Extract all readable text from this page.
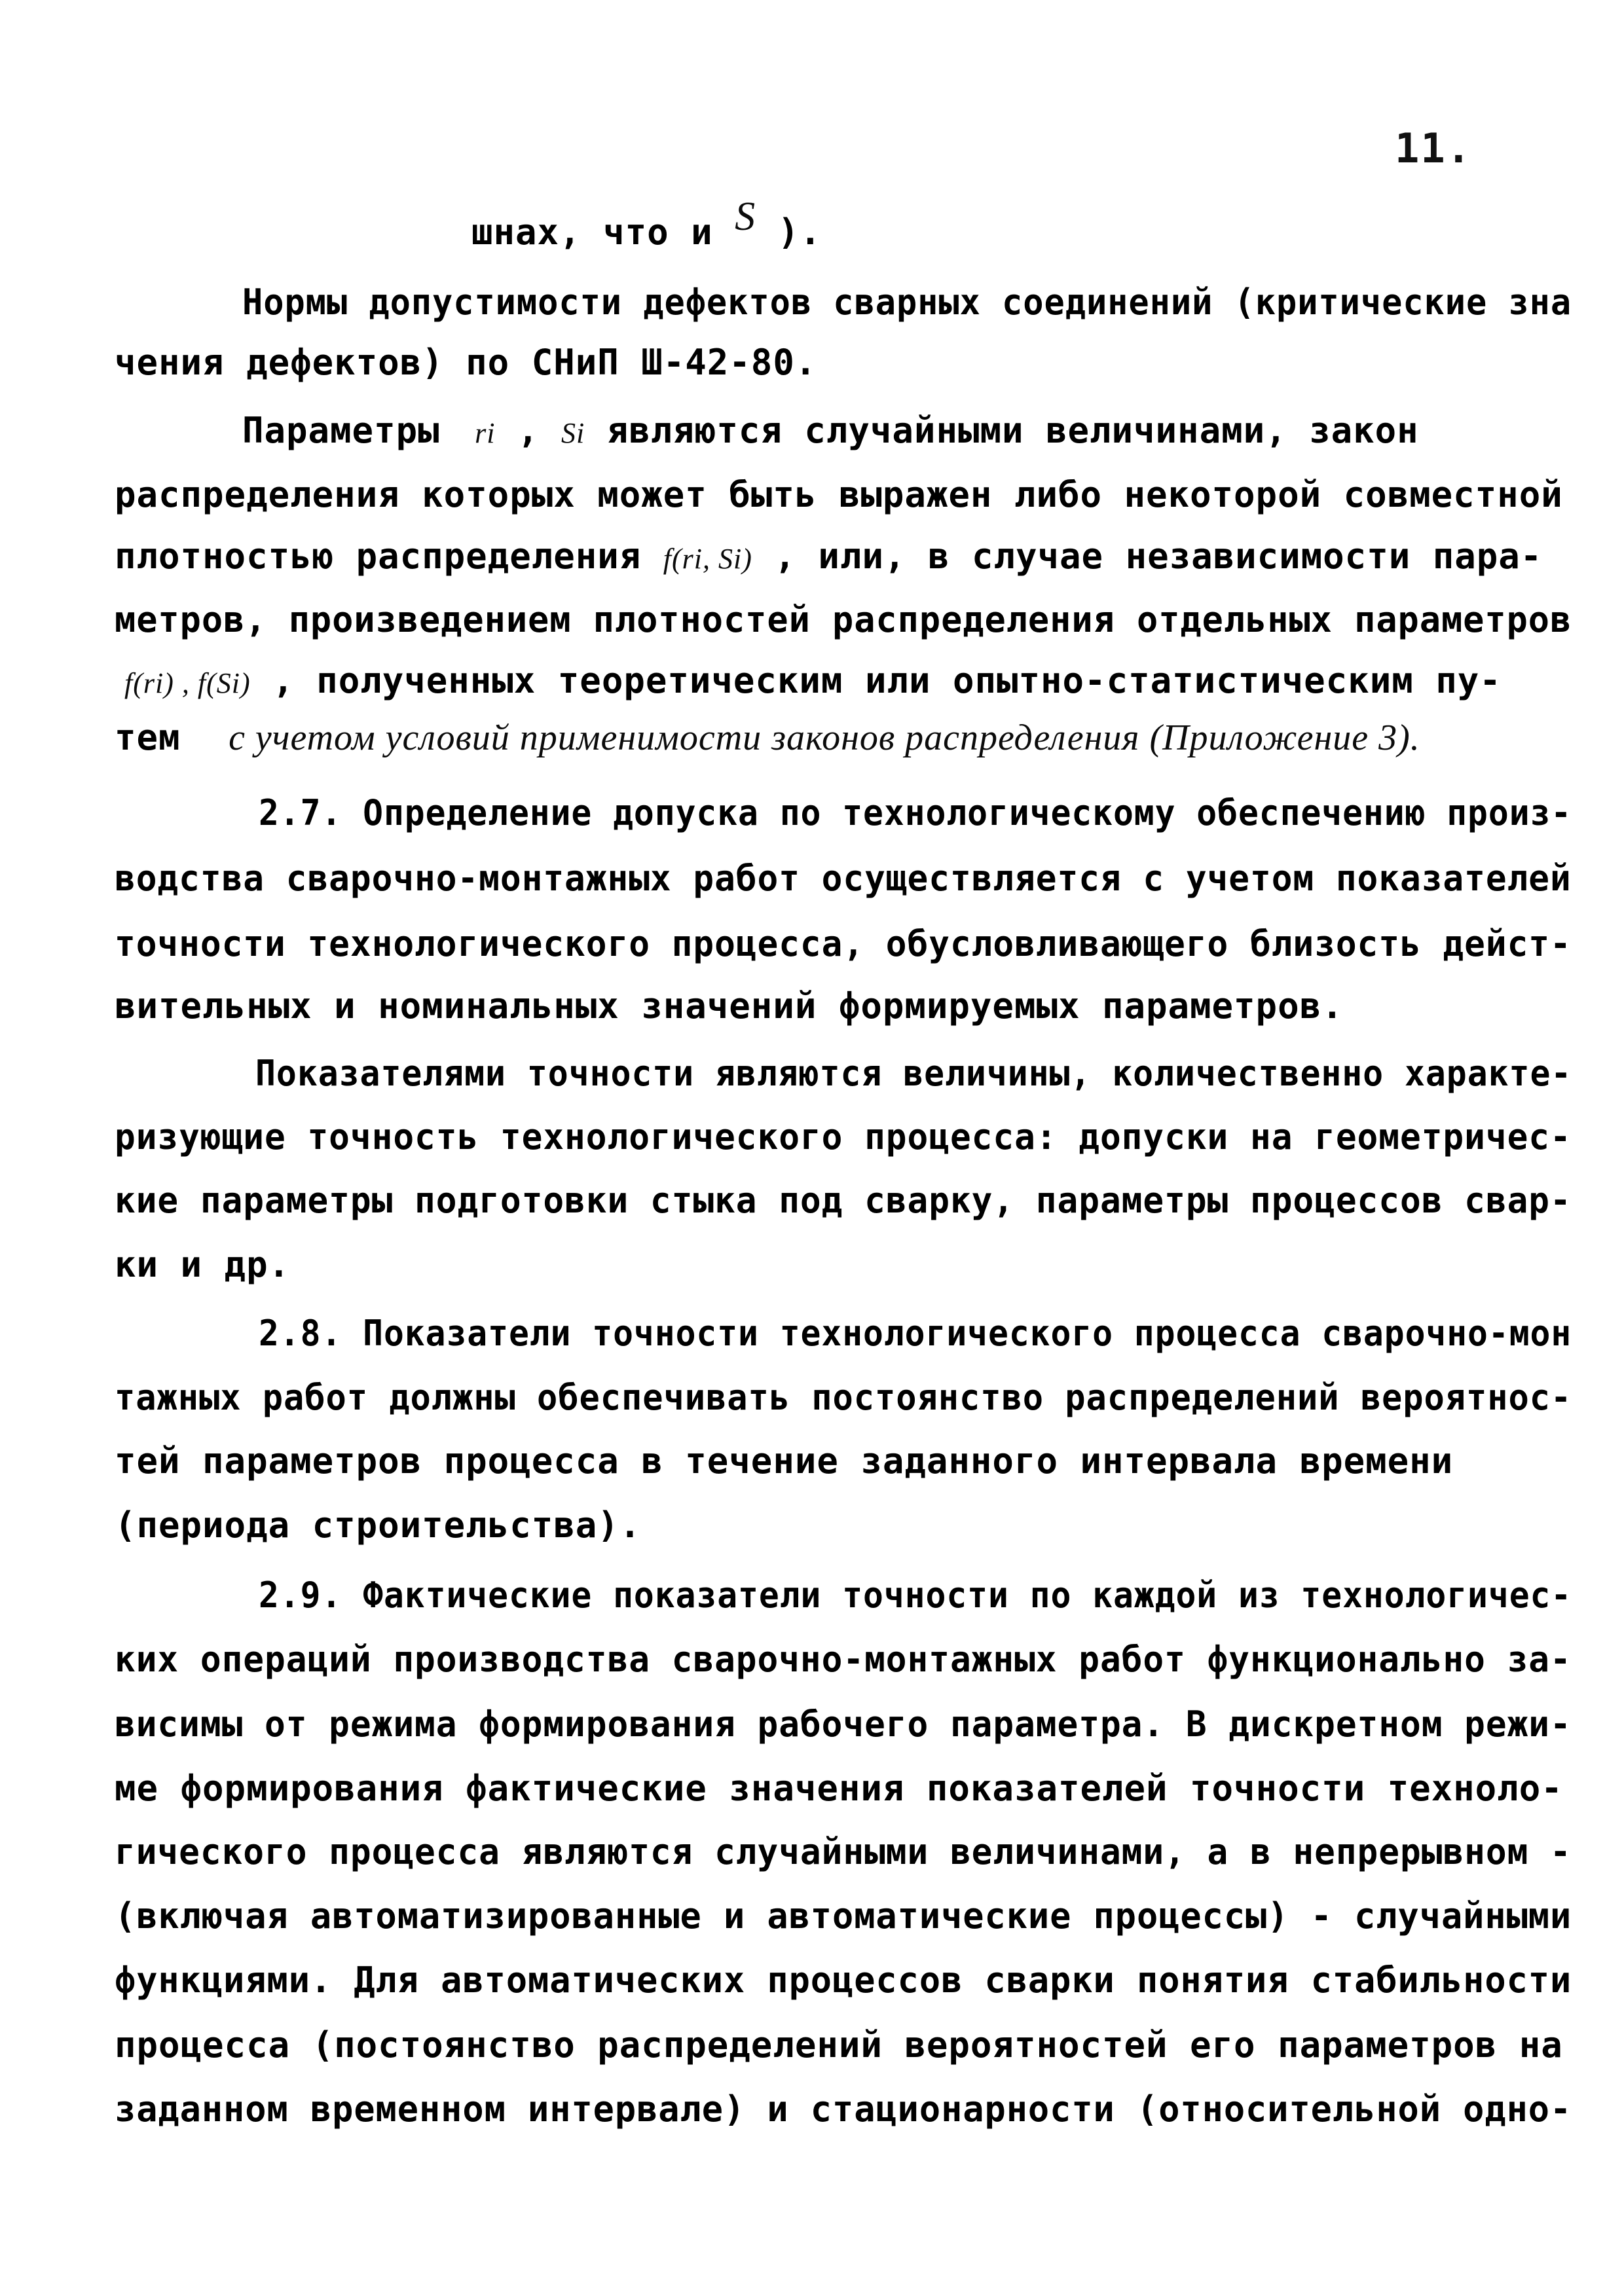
11.
шнах, что и S ).
Нормы допустимости дефектов сварных соединений (критические зна
чения дефектов) по СНиП Ш-42-80.
Параметры ri , Si являются случайными величинами, закон
распределения которых может быть выражен либо некоторой совместной
плотностью распределения f(ri, Si) , или, в случае независимости пара-
метров, произведением плотностей распределения отдельных параметров
f(ri) , f(Si) , полученных теоретическим или опытно-статистическим пу-
тем с учетом условий применимости законов распределения (Приложение 3).
2.7. Определение допуска по технологическому обеспечению произ-
водства сварочно-монтажных работ осуществляется с учетом показателей
точности технологического процесса, обусловливающего близость дейст-
вительных и номинальных значений формируемых параметров.
Показателями точности являются величины, количественно характе-
ризующие точность технологического процесса: допуски на геометричес-
кие параметры подготовки стыка под сварку, параметры процессов свар-
ки и др.
2.8. Показатели точности технологического процесса сварочно-мон
тажных работ должны обеспечивать постоянство распределений вероятнос-
тей параметров процесса в течение заданного интервала времени
(периода строительства).
2.9. Фактические показатели точности по каждой из технологичес-
ких операций производства сварочно-монтажных работ функционально за-
висимы от режима формирования рабочего параметра. В дискретном режи-
ме формирования фактические значения показателей точности техноло-
гического процесса являются случайными величинами, а в непрерывном -
(включая автоматизированные и автоматические процессы) - случайными
функциями. Для автоматических процессов сварки понятия стабильности
процесса (постоянство распределений вероятностей его параметров на
заданном временном интервале) и стационарности (относительной одно-
